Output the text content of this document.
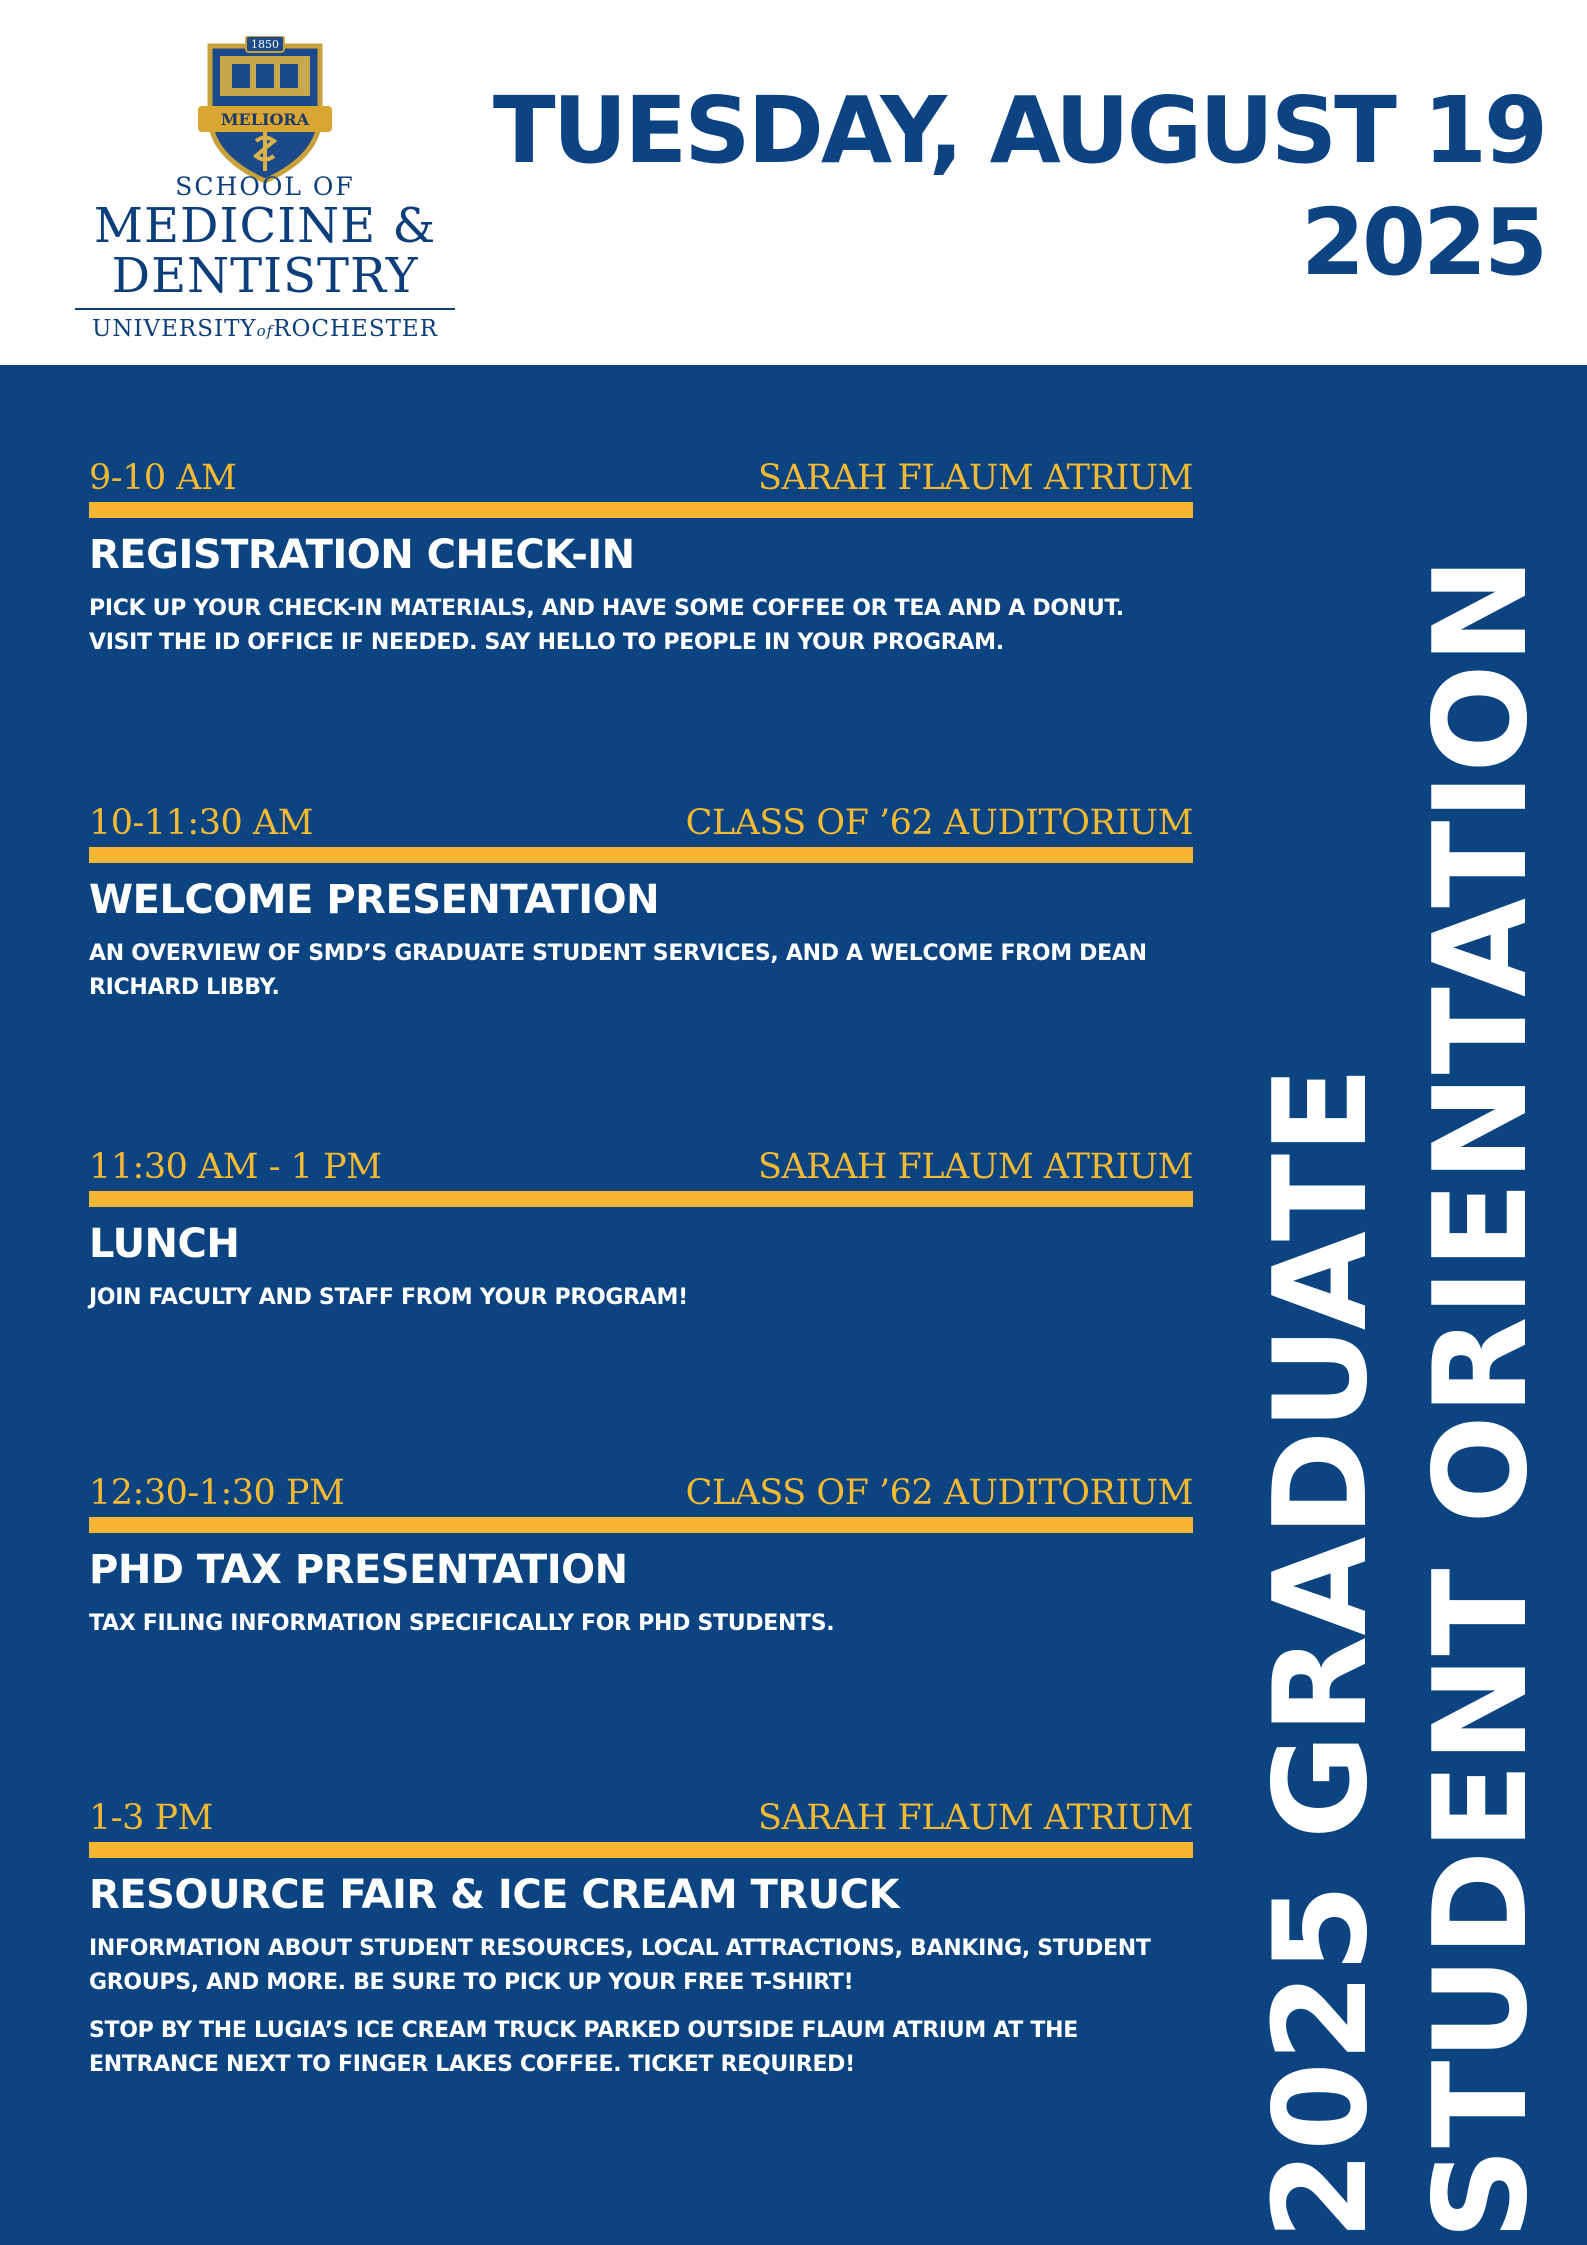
1850
MELIORA
SCHOOL OF
MEDICINE &
DENTISTRY
UNIVERSITYofROCHESTER
TUESDAY, AUGUST 19
2025
9-10 AM	SARAH FLAUM ATRIUM
REGISTRATION CHECK-IN
PICK UP YOUR CHECK-IN MATERIALS, AND HAVE SOME COFFEE OR TEA AND A DONUT. VISIT THE ID OFFICE IF NEEDED. SAY HELLO TO PEOPLE IN YOUR PROGRAM.
10-11:30 AM	CLASS OF ’62 AUDITORIUM
WELCOME PRESENTATION
AN OVERVIEW OF SMD’S GRADUATE STUDENT SERVICES, AND A WELCOME FROM DEAN RICHARD LIBBY.
11:30 AM - 1 PM	SARAH FLAUM ATRIUM
LUNCH
JOIN FACULTY AND STAFF FROM YOUR PROGRAM!
12:30-1:30 PM	CLASS OF ’62 AUDITORIUM
PHD TAX PRESENTATION
TAX FILING INFORMATION SPECIFICALLY FOR PHD STUDENTS.
1-3 PM	SARAH FLAUM ATRIUM
RESOURCE FAIR & ICE CREAM TRUCK
INFORMATION ABOUT STUDENT RESOURCES, LOCAL ATTRACTIONS, BANKING, STUDENT GROUPS, AND MORE. BE SURE TO PICK UP YOUR FREE T-SHIRT!
STOP BY THE LUGIA’S ICE CREAM TRUCK PARKED OUTSIDE FLAUM ATRIUM AT THE ENTRANCE NEXT TO FINGER LAKES COFFEE. TICKET REQUIRED!	2025 GRADUATE STUDENT ORIENTATION
